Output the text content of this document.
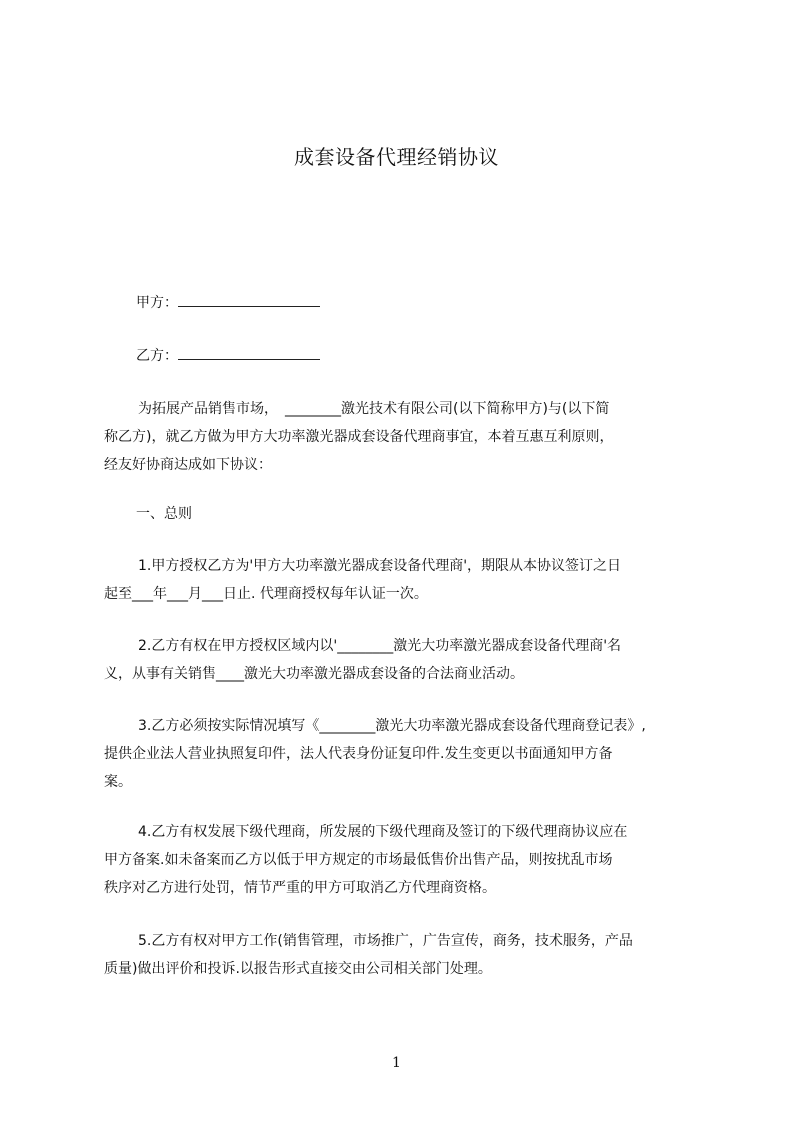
成套设备代理经销协议
甲方：
乙方：
为拓展产品销售市场，　________激光技术有限公司(以下简称甲方)与(以下简
称乙方)，就乙方做为甲方大功率激光器成套设备代理商事宜，本着互惠互利原则，
经友好协商达成如下协议：
一、总则
1.甲方授权乙方为'甲方大功率激光器成套设备代理商'，期限从本协议签订之日
起至___年___月___日止. 代理商授权每年认证一次。
2.乙方有权在甲方授权区域内以'________激光大功率激光器成套设备代理商'名
义，从事有关销售____激光大功率激光器成套设备的合法商业活动。
3.乙方必须按实际情况填写《________激光大功率激光器成套设备代理商登记表》,
提供企业法人营业执照复印件，法人代表身份证复印件.发生变更以书面通知甲方备
案。
4.乙方有权发展下级代理商，所发展的下级代理商及签订的下级代理商协议应在
甲方备案.如未备案而乙方以低于甲方规定的市场最低售价出售产品，则按扰乱市场
秩序对乙方进行处罚，情节严重的甲方可取消乙方代理商资格。
5.乙方有权对甲方工作(销售管理，市场推广，广告宣传，商务，技术服务，产品
质量)做出评价和投诉.以报告形式直接交由公司相关部门处理。
1
